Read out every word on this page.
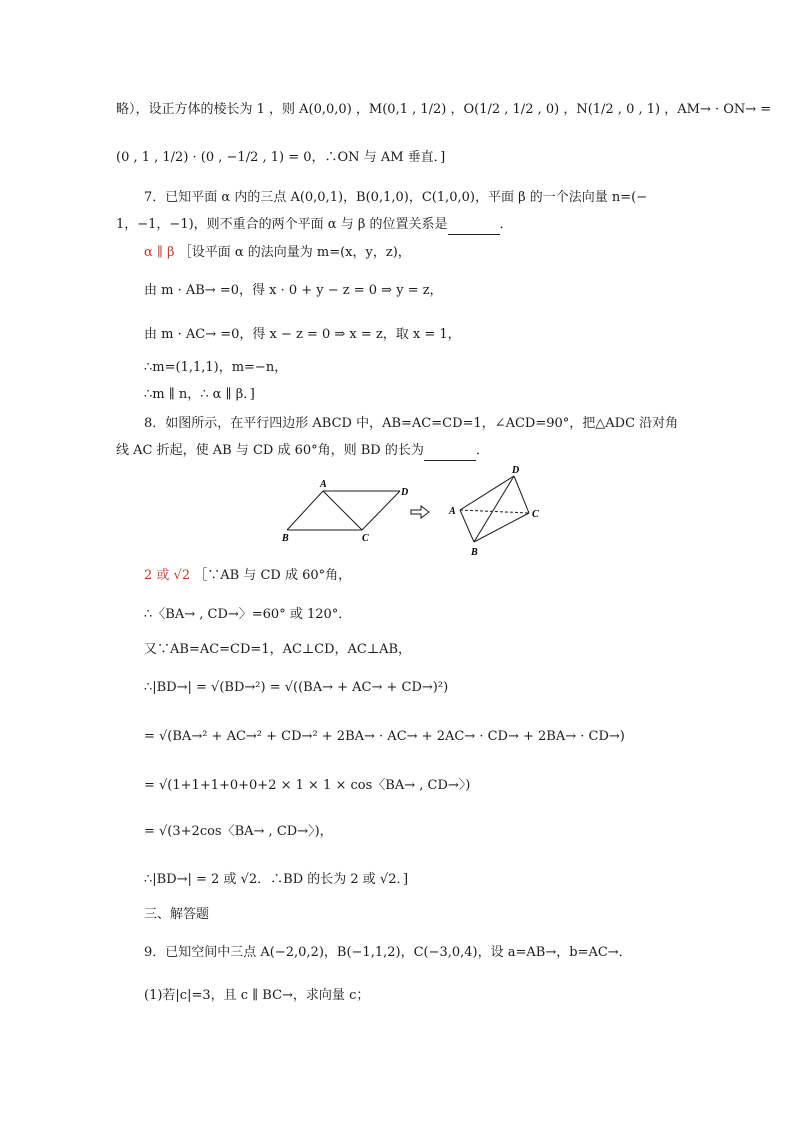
略），设正方体的棱长为 1 ，则 A(0,0,0) ，M(0,1 , 1/2) ，O(1/2 , 1/2 , 0) ，N(1/2 , 0 , 1) ，AM→ · ON→ =
(0 , 1 , 1/2) · (0 , −1/2 , 1) = 0，∴ON 与 AM 垂直．]
7．已知平面 α 内的三点 A(0,0,1)，B(0,1,0)，C(1,0,0)，平面 β 的一个法向量 n=(−
1，−1，−1)，则不重合的两个平面 α 与 β 的位置关系是	．
α ∥ β ［设平面 α 的法向量为 m=(x，y，z)，
由 m · AB→ =0，得 x · 0 + y − z = 0 ⇒ y = z，
由 m · AC→ =0，得 x − z = 0 ⇒ x = z，取 x = 1，
∴m=(1,1,1)，m=−n，
∴m ∥ n，∴ α ∥ β．]
8．如图所示，在平行四边形 ABCD 中，AB=AC=CD=1，∠ACD=90°，把△ADC 沿对角
线 AC 折起，使 AB 与 CD 成 60°角，则 BD 的长为	．
A
D
B	C
D
A	C
B
2 或 √2 ［∵AB 与 CD 成 60°角，
∴〈BA→ , CD→〉=60° 或 120°．
又∵AB=AC=CD=1，AC⊥CD，AC⊥AB，
∴|BD→| = √(BD→²) = √((BA→ + AC→ + CD→)²)
= √(BA→² + AC→² + CD→² + 2BA→ · AC→ + 2AC→ · CD→ + 2BA→ · CD→)
= √(1+1+1+0+0+2 × 1 × 1 × cos〈BA→ , CD→〉)
= √(3+2cos〈BA→ , CD→〉)，
∴|BD→| = 2 或 √2．∴BD 的长为 2 或 √2．]
三、解答题
9．已知空间中三点 A(−2,0,2)，B(−1,1,2)，C(−3,0,4)，设 a=AB→，b=AC→．
(1)若|c|=3，且 c ∥ BC→，求向量 c；
